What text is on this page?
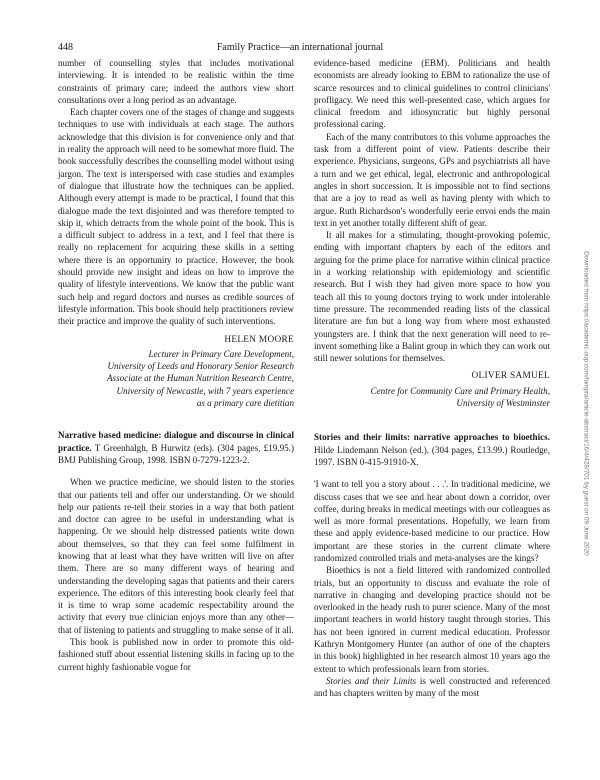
448	Family Practice—an international journal
Downloaded from https://academic.oup.com/fampra/article-abstract/16/4/428/701 by guest on 09 June 2020

number of counselling styles that includes motivational interviewing. It is intended to be realistic within the time constraints of primary care; indeed the authors view short consultations over a long period as an advantage.

Each chapter covers one of the stages of change and suggests techniques to use with individuals at each stage. The authors acknowledge that this division is for convenience only and that in reality the approach will need to be somewhat more fluid. The book successfully describes the counselling model without using jargon. The text is interspersed with case studies and examples of dialogue that illustrate how the techniques can be applied. Although every attempt is made to be practical, I found that this dialogue made the text disjointed and was therefore tempted to skip it, which detracts from the whole point of the book. This is a difficult subject to address in a text, and I feel that there is really no replacement for acquiring these skills in a setting where there is an opportunity to practice. However, the book should provide new insight and ideas on how to improve the quality of lifestyle interventions. We know that the public want such help and regard doctors and nurses as credible sources of lifestyle information. This book should help practitioners review their practice and improve the quality of such interventions.

HELEN MOORE
Lecturer in Primary Care Development,
University of Leeds and Honorary Senior Research
Associate at the Human Nutrition Research Centre,
University of Newcastle, with 7 years experience
as a primary care dietitian
Narrative based medicine: dialogue and discourse in clinical practice. T Greenhalgh, B Hurwitz (eds). (304 pages, £19.95.) BMJ Publishing Group, 1998. ISBN 0-7279-1223-2.

When we practice medicine, we should listen to the stories that our patients tell and offer our understanding. Or we should help our patients re-tell their stories in a way that both patient and doctor can agree to be useful in understanding what is happening. Or we should help distressed patients write down about themselves, so that they can feel some fulfilment in knowing that at least what they have written will live on after them. There are so many different ways of hearing and understanding the developing sagas that patients and their carers experience. The editors of this interesting book clearly feel that it is time to wrap some academic respectability around the activity that every true clinician enjoys more than any other—that of listening to patients and struggling to make sense of it all.

This book is published now in order to promote this old-fashioned stuff about essential listening skills in facing up to the current highly fashionable vogue for

evidence-based medicine (EBM). Politicians and health economists are already looking to EBM to rationalize the use of scarce resources and to clinical guidelines to control clinicians' profligacy. We need this well-presented case, which argues for clinical freedom and idiosyncratic but highly personal professional caring.

Each of the many contributors to this volume approaches the task from a different point of view. Patients describe their experience. Physicians, surgeons, GPs and psychiatrists all have a turn and we get ethical, legal, electronic and anthropological angles in short succession. It is impossible not to find sections that are a joy to read as well as having plenty with which to argue. Ruth Richardson's wonderfully eerie envoi ends the main text in yet another totally different shift of gear.

It all makes for a stimulating, thought-provoking polemic, ending with important chapters by each of the editors and arguing for the prime place for narrative within clinical practice in a working relationship with epidemiology and scientific research. But I wish they had given more space to how you teach all this to young doctors trying to work under intolerable time pressure. The recommended reading lists of the classical literature are fun but a long way from where most exhausted youngsters are. I think that the next generation will need to re-invent something like a Balint group in which they can work out still newer solutions for themselves.

OLIVER SAMUEL
Centre for Community Care and Primary Health,
University of Westminster
Stories and their limits: narrative approaches to bioethics. Hilde Lindemann Nelson (ed.). (304 pages, £13.99.) Routledge, 1997. ISBN 0-415-91910-X.

'I want to tell you a story about . . .'. In traditional medicine, we discuss cases that we see and hear about down a corridor, over coffee, during breaks in medical meetings with our colleagues as well as more formal presentations. Hopefully, we learn from these and apply evidence-based medicine to our practice. How important are these stories in the current climate where randomized controlled trials and meta-analyses are the kings?

Bioethics is not a field littered with randomized controlled trials, but an opportunity to discuss and evaluate the role of narrative in changing and developing practice should not be overlooked in the heady rush to purer science. Many of the most important teachers in world history taught through stories. This has not been ignored in current medical education. Professor Kathryn Montgomery Hunter (an author of one of the chapters in this book) highlighted in her research almost 10 years ago the extent to which professionals learn from stories.

Stories and their Limits is well constructed and referenced and has chapters written by many of the most
